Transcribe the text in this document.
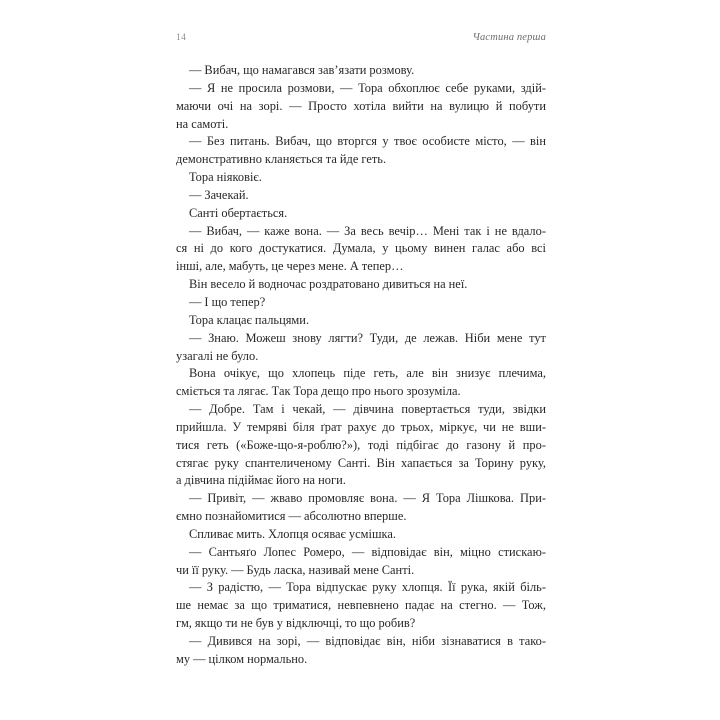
14	Частина перша

— Вибач, що намагався зав’язати розмову.

— Я не просила розмови, — Тора обхоплює себе руками, здій-
маючи очі на зорі. — Просто хотіла вийти на вулицю й побути
на самоті.

— Без питань. Вибач, що вторгся у твоє особисте місто, — він
демонстративно кланяється та йде геть.

Тора ніяковіє.

— Зачекай.

Санті обертається.

— Вибач, — каже вона. — За весь вечір… Мені так і не вдало-
ся ні до кого достукатися. Думала, у цьому винен галас або всі
інші, але, мабуть, це через мене. А тепер…

Він весело й водночас роздратовано дивиться на неї.

— І що тепер?

Тора клацає пальцями.

— Знаю. Можеш знову лягти? Туди, де лежав. Ніби мене тут
узагалі не було.

Вона очікує, що хлопець піде геть, але він знизує плечима,
сміється та лягає. Так Тора дещо про нього зрозуміла.

— Добре. Там і чекай, — дівчина повертається туди, звідки
прийшла. У темряві біля ґрат рахує до трьох, міркує, чи не вши-
тися геть («Боже-що-я-роблю?»), тоді підбігає до газону й про-
стягає руку спантеличеному Санті. Він хапається за Торину руку,
а дівчина підіймає його на ноги.

— Привіт, — жваво промовляє вона. — Я Тора Лішкова. При-
ємно познайомитися — абсолютно вперше.

Спливає мить. Хлопця осяває усмішка.

— Сантьяґо Лопес Ромеро, — відповідає він, міцно стискаю-
чи її руку. — Будь ласка, називай мене Санті.

— З радістю, — Тора відпускає руку хлопця. Її рука, якій біль-
ше немає за що триматися, невпевнено падає на стегно. — Тож,
гм, якщо ти не був у відключці, то що робив?

— Дивився на зорі, — відповідає він, ніби зізнаватися в тако-
му — цілком нормально.
